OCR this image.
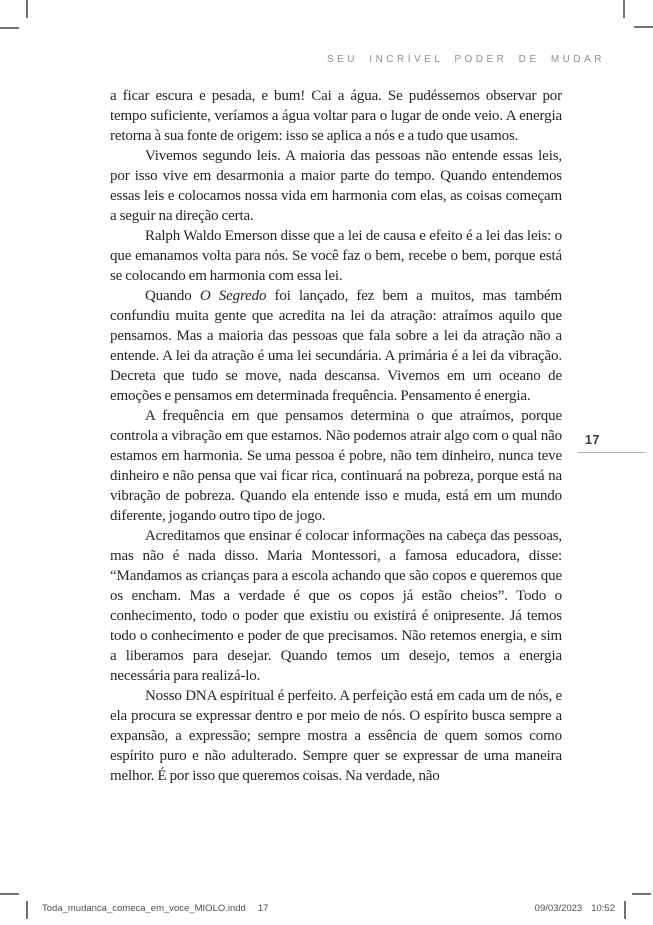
SEU INCRÍVEL PODER DE MUDAR

a ficar escura e pesada, e bum! Cai a água. Se pudéssemos observar por tempo suficiente, veríamos a água voltar para o lugar de onde veio. A energia retorna à sua fonte de origem: isso se aplica a nós e a tudo que usamos.

Vivemos segundo leis. A maioria das pessoas não entende essas leis, por isso vive em desarmonia a maior parte do tempo. Quando entendemos essas leis e colocamos nossa vida em harmonia com elas, as coisas começam a seguir na direção certa.

Ralph Waldo Emerson disse que a lei de causa e efeito é a lei das leis: o que emanamos volta para nós. Se você faz o bem, recebe o bem, porque está se colocando em harmonia com essa lei.

Quando O Segredo foi lançado, fez bem a muitos, mas também confundiu muita gente que acredita na lei da atração: atraímos aquilo que pensamos. Mas a maioria das pessoas que fala sobre a lei da atração não a entende. A lei da atração é uma lei secundária. A primária é a lei da vibração. Decreta que tudo se move, nada descansa. Vivemos em um oceano de emoções e pensamos em determinada frequência. Pensamento é energia.

A frequência em que pensamos determina o que atraímos, porque controla a vibração em que estamos. Não podemos atrair algo com o qual não estamos em harmonia. Se uma pessoa é pobre, não tem dinheiro, nunca teve dinheiro e não pensa que vai ficar rica, continuará na pobreza, porque está na vibração de pobreza. Quando ela entende isso e muda, está em um mundo diferente, jogando outro tipo de jogo.

Acreditamos que ensinar é colocar informações na cabeça das pessoas, mas não é nada disso. Maria Montessori, a famosa educadora, disse: “Mandamos as crianças para a escola achando que são copos e queremos que os encham. Mas a verdade é que os copos já estão cheios”. Todo o conhecimento, todo o poder que existiu ou existirá é onipresente. Já temos todo o conhecimento e poder de que precisamos. Não retemos energia, e sim a liberamos para desejar. Quando temos um desejo, temos a energia necessária para realizá-lo.

Nosso DNA espiritual é perfeito. A perfeição está em cada um de nós, e ela procura se expressar dentro e por meio de nós. O espírito busca sempre a expansão, a expressão; sempre mostra a essência de quem somos como espírito puro e não adulterado. Sempre quer se expressar de uma maneira melhor. É por isso que queremos coisas. Na verdade, não

17
Toda_mudanca_comeca_em_voce_MIOLO.indd 17	09/03/2023 10:52
